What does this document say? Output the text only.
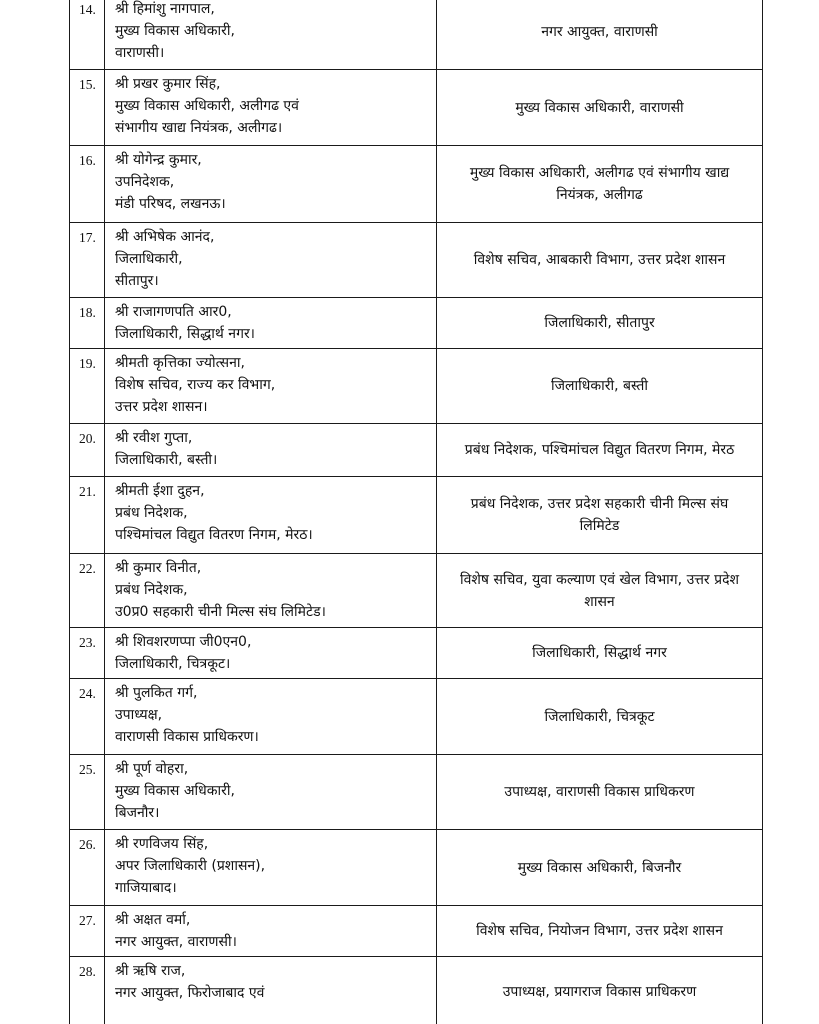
14.	श्री हिमांशु नागपाल,
मुख्य विकास अधिकारी,
वाराणसी।	नगर आयुक्त, वाराणसी
15.	श्री प्रखर कुमार सिंह,
मुख्य विकास अधिकारी, अलीगढ एवं
संभागीय खाद्य नियंत्रक, अलीगढ।	मुख्य विकास अधिकारी, वाराणसी
16.	श्री योगेन्द्र कुमार,
उपनिदेशक,
मंडी परिषद, लखनऊ।	मुख्य विकास अधिकारी, अलीगढ एवं संभागीय खाद्य नियंत्रक, अलीगढ
17.	श्री अभिषेक आनंद,
जिलाधिकारी,
सीतापुर।	विशेष सचिव, आबकारी विभाग, उत्तर प्रदेश शासन
18.	श्री राजागणपति आर0,
जिलाधिकारी, सिद्धार्थ नगर।	जिलाधिकारी, सीतापुर
19.	श्रीमती कृत्तिका ज्योत्सना,
विशेष सचिव, राज्य कर विभाग,
उत्तर प्रदेश शासन।	जिलाधिकारी, बस्ती
20.	श्री रवीश गुप्ता,
जिलाधिकारी, बस्ती।	प्रबंध निदेशक, पश्चिमांचल विद्युत वितरण निगम, मेरठ
21.	श्रीमती ईशा दुहन,
प्रबंध निदेशक,
पश्चिमांचल विद्युत वितरण निगम, मेरठ।	प्रबंध निदेशक, उत्तर प्रदेश सहकारी चीनी मिल्स संघ लिमिटेड
22.	श्री कुमार विनीत,
प्रबंध निदेशक,
उ0प्र0 सहकारी चीनी मिल्स संघ लिमिटेड।	विशेष सचिव, युवा कल्याण एवं खेल विभाग, उत्तर प्रदेश शासन
23.	श्री शिवशरणप्पा जी0एन0,
जिलाधिकारी, चित्रकूट।	जिलाधिकारी, सिद्धार्थ नगर
24.	श्री पुलकित गर्ग,
उपाध्यक्ष,
वाराणसी विकास प्राधिकरण।	जिलाधिकारी, चित्रकूट
25.	श्री पूर्ण वोहरा,
मुख्य विकास अधिकारी,
बिजनौर।	उपाध्यक्ष, वाराणसी विकास प्राधिकरण
26.	श्री रणविजय सिंह,
अपर जिलाधिकारी (प्रशासन),
गाजियाबाद।	मुख्य विकास अधिकारी, बिजनौर
27.	श्री अक्षत वर्मा,
नगर आयुक्त, वाराणसी।	विशेष सचिव, नियोजन विभाग, उत्तर प्रदेश शासन
28.	श्री ऋषि राज,
नगर आयुक्त, फिरोजाबाद एवं	उपाध्यक्ष, प्रयागराज विकास प्राधिकरण
